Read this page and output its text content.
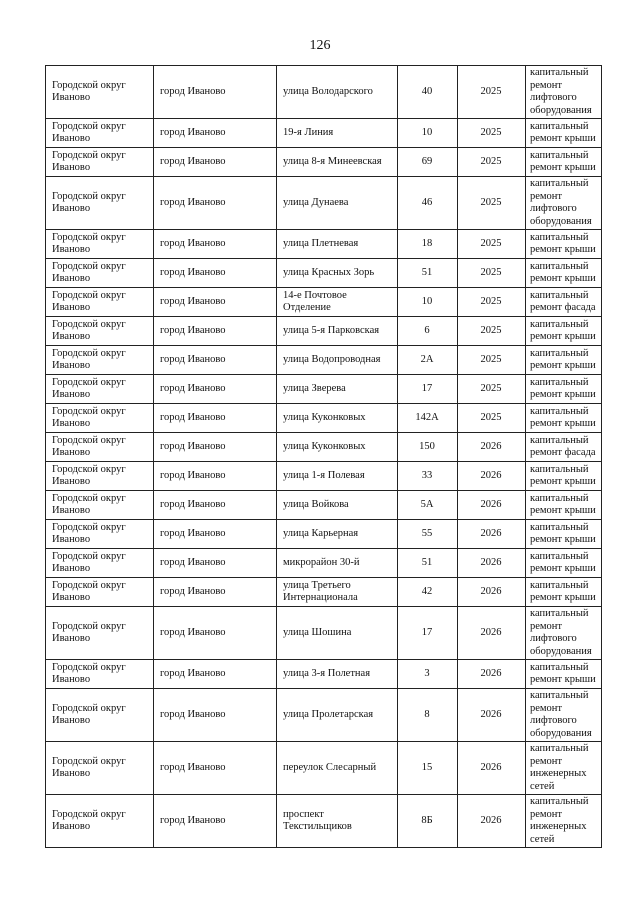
126
Городской округ Иваново	город Иваново	улица Володарского	40	2025	капитальный ремонт лифтового оборудования
Городской округ Иваново	город Иваново	19-я Линия	10	2025	капитальный ремонт крыши
Городской округ Иваново	город Иваново	улица 8-я Минеевская	69	2025	капитальный ремонт крыши
Городской округ Иваново	город Иваново	улица Дунаева	46	2025	капитальный ремонт лифтового оборудования
Городской округ Иваново	город Иваново	улица Плетневая	18	2025	капитальный ремонт крыши
Городской округ Иваново	город Иваново	улица Красных Зорь	51	2025	капитальный ремонт крыши
Городской округ Иваново	город Иваново	14-е Почтовое Отделение	10	2025	капитальный ремонт фасада
Городской округ Иваново	город Иваново	улица 5-я Парковская	6	2025	капитальный ремонт крыши
Городской округ Иваново	город Иваново	улица Водопроводная	2А	2025	капитальный ремонт крыши
Городской округ Иваново	город Иваново	улица Зверева	17	2025	капитальный ремонт крыши
Городской округ Иваново	город Иваново	улица Куконковых	142А	2025	капитальный ремонт крыши
Городской округ Иваново	город Иваново	улица Куконковых	150	2026	капитальный ремонт фасада
Городской округ Иваново	город Иваново	улица 1-я Полевая	33	2026	капитальный ремонт крыши
Городской округ Иваново	город Иваново	улица Войкова	5А	2026	капитальный ремонт крыши
Городской округ Иваново	город Иваново	улица Карьерная	55	2026	капитальный ремонт крыши
Городской округ Иваново	город Иваново	микрорайон 30-й	51	2026	капитальный ремонт крыши
Городской округ Иваново	город Иваново	улица Третьего Интернационала	42	2026	капитальный ремонт крыши
Городской округ Иваново	город Иваново	улица Шошина	17	2026	капитальный ремонт лифтового оборудования
Городской округ Иваново	город Иваново	улица 3-я Полетная	3	2026	капитальный ремонт крыши
Городской округ Иваново	город Иваново	улица Пролетарская	8	2026	капитальный ремонт лифтового оборудования
Городской округ Иваново	город Иваново	переулок Слесарный	15	2026	капитальный ремонт инженерных сетей
Городской округ Иваново	город Иваново	проспект Текстильщиков	8Б	2026	капитальный ремонт инженерных сетей
